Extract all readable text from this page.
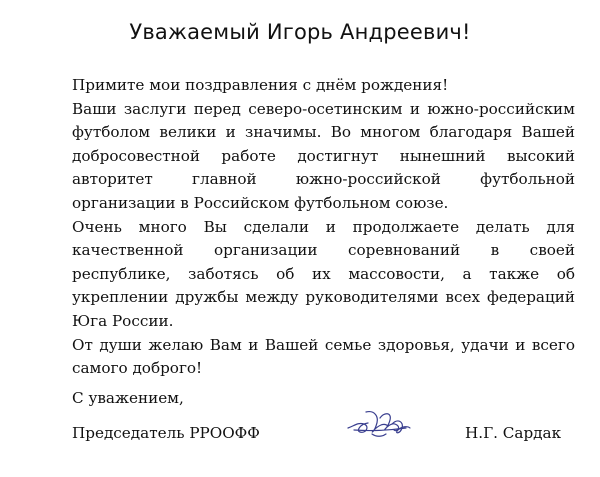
Уважаемый Игорь Андреевич!

Примите мои поздравления с днём рождения!

Ваши заслуги перед северо-осетинским и южно-российским футболом велики и значимы. Во многом благодаря Вашей добросовестной работе достигнут нынешний высокий авторитет главной южно-российской футбольной организации в Российском футбольном союзе.

Очень много Вы сделали и продолжаете делать для качественной организации соревнований в своей республике, заботясь об их массовости, а также об укреплении дружбы между руководителями всех федераций Юга России.

От души желаю Вам и Вашей семье здоровья, удачи и всего самого доброго!

С уважением,
Председатель РРООФФ	Н.Г. Сардак
